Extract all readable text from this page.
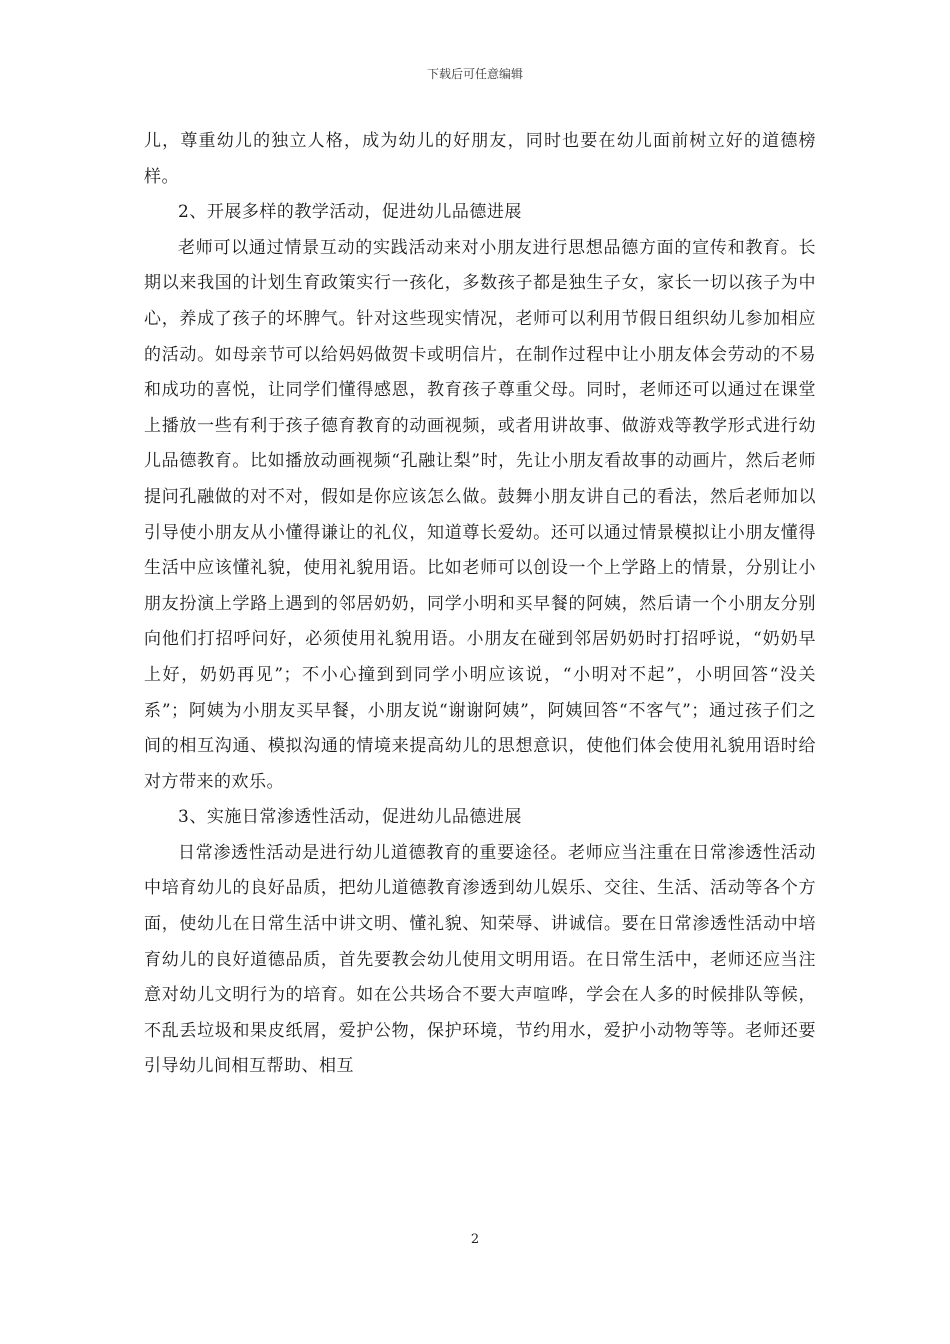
下载后可任意编辑

儿，尊重幼儿的独立人格，成为幼儿的好朋友，同时也要在幼儿面前树立好的道德榜样。

2、开展多样的教学活动，促进幼儿品德进展

老师可以通过情景互动的实践活动来对小朋友进行思想品德方面的宣传和教育。长期以来我国的计划生育政策实行一孩化，多数孩子都是独生子女，家长一切以孩子为中心，养成了孩子的坏脾气。针对这些现实情况，老师可以利用节假日组织幼儿参加相应的活动。如母亲节可以给妈妈做贺卡或明信片，在制作过程中让小朋友体会劳动的不易和成功的喜悦，让同学们懂得感恩，教育孩子尊重父母。同时，老师还可以通过在课堂上播放一些有利于孩子德育教育的动画视频，或者用讲故事、做游戏等教学形式进行幼儿品德教育。比如播放动画视频“孔融让梨”时，先让小朋友看故事的动画片，然后老师提问孔融做的对不对，假如是你应该怎么做。鼓舞小朋友讲自己的看法，然后老师加以引导使小朋友从小懂得谦让的礼仪，知道尊长爱幼。还可以通过情景模拟让小朋友懂得生活中应该懂礼貌，使用礼貌用语。比如老师可以创设一个上学路上的情景，分别让小朋友扮演上学路上遇到的邻居奶奶，同学小明和买早餐的阿姨，然后请一个小朋友分别向他们打招呼问好，必须使用礼貌用语。小朋友在碰到邻居奶奶时打招呼说，“奶奶早上好，奶奶再见”；不小心撞到到同学小明应该说，“小明对不起”，小明回答“没关系”；阿姨为小朋友买早餐，小朋友说“谢谢阿姨”，阿姨回答“不客气”；通过孩子们之间的相互沟通、模拟沟通的情境来提高幼儿的思想意识，使他们体会使用礼貌用语时给对方带来的欢乐。

3、实施日常渗透性活动，促进幼儿品德进展

日常渗透性活动是进行幼儿道德教育的重要途径。老师应当注重在日常渗透性活动中培育幼儿的良好品质，把幼儿道德教育渗透到幼儿娱乐、交往、生活、活动等各个方面，使幼儿在日常生活中讲文明、懂礼貌、知荣辱、讲诚信。要在日常渗透性活动中培育幼儿的良好道德品质，首先要教会幼儿使用文明用语。在日常生活中，老师还应当注意对幼儿文明行为的培育。如在公共场合不要大声喧哗，学会在人多的时候排队等候，不乱丢垃圾和果皮纸屑，爱护公物，保护环境，节约用水，爱护小动物等等。老师还要引导幼儿间相互帮助、相互

2
